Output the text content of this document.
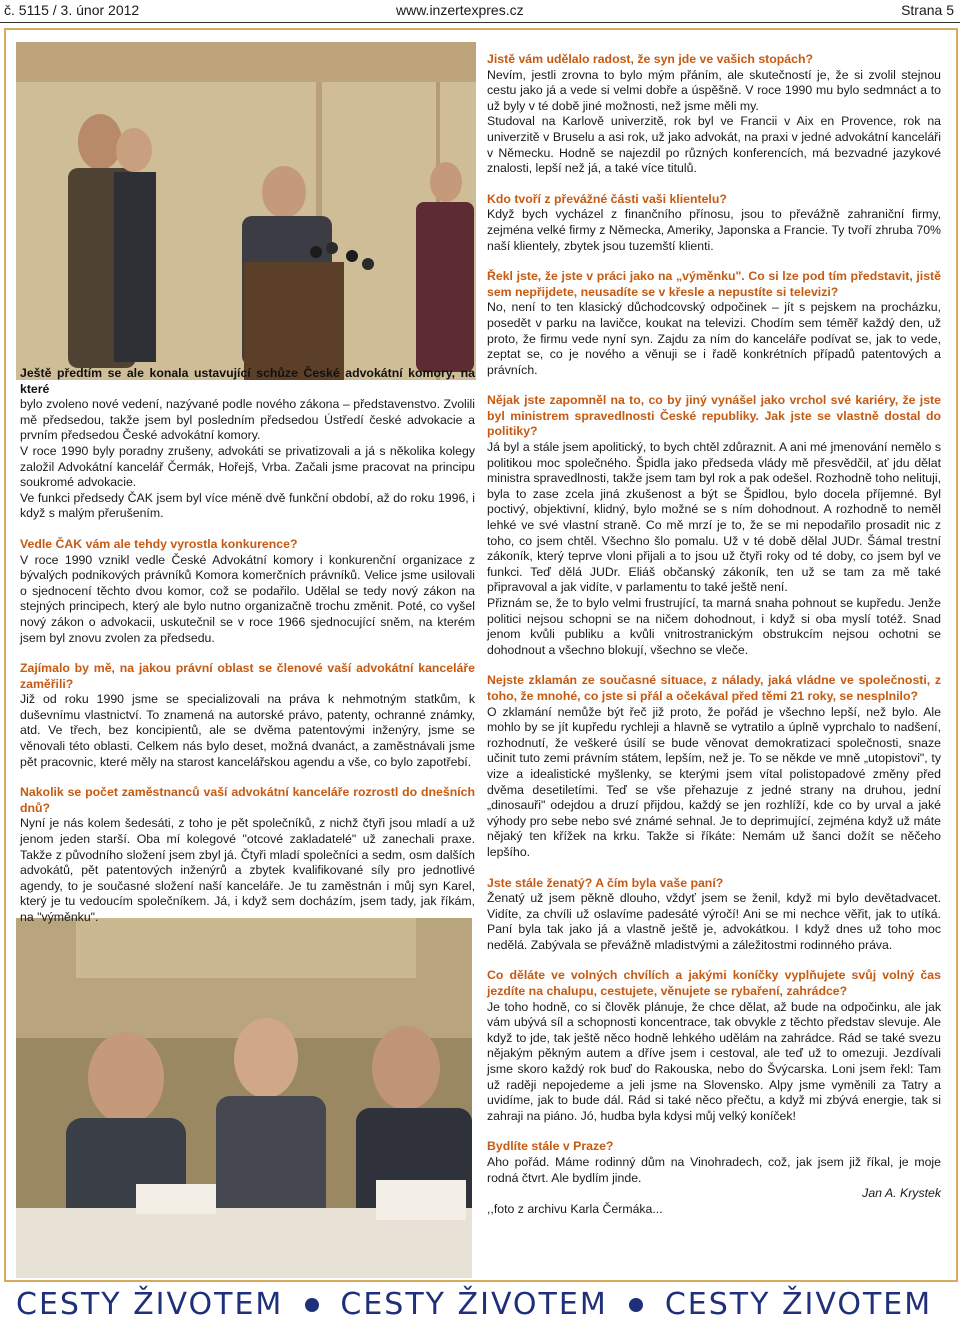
č. 5115 / 3. únor 2012	www.inzertexpres.cz	Strana 5

Ještě předtím se ale konala ustavující schůze České advokátní komory, na které

bylo zvoleno nové vedení, nazývané podle nového zákona – představenstvo. Zvolili mě předsedou, takže jsem byl posledním předsedou Ústředí české advokacie a prvním předsedou České advokátní komory.

V roce 1990 byly poradny zrušeny, advokáti se privatizovali a já s několika kolegy založil Advokátní kancelář Čermák, Hořejš, Vrba. Začali jsme pracovat na principu soukromé advokacie.

Ve funkci předsedy ČAK jsem byl více méně dvě funkční období, až do roku 1996, i když s malým přerušením.

Vedle ČAK vám ale tehdy vyrostla konkurence?

V roce 1990 vznikl vedle České Advokátní komory i konkurenční organizace z bývalých podnikových právníků Komora komerčních právníků. Velice jsme usilovali o sjednocení těchto dvou komor, což se podařilo. Udělal se tedy nový zákon na stejných principech, který ale bylo nutno organizačně trochu změnit. Poté, co vyšel nový zákon o advokacii, uskutečnil se v roce 1966 sjednocující sněm, na kterém jsem byl znovu zvolen za předsedu.

Zajímalo by mě, na jakou právní oblast se členové vaší advokátní kanceláře zaměřili?

Již od roku 1990 jsme se specializovali na práva k nehmotným statkům, k duševnímu vlastnictví. To znamená na autorské právo, patenty, ochranné známky, atd. Ve třech, bez koncipientů, ale se dvěma patentovými inženýry, jsme se věnovali této oblasti. Celkem nás bylo deset, možná dvanáct, a zaměstnávali jsme pět pracovnic, které měly na starost kancelářskou agendu a vše, co bylo zapotřebí.

Nakolik se počet zaměstnanců vaší advokátní kanceláře rozrostl do dnešních dnů?

Nyní je nás kolem šedesáti, z toho je pět společníků, z nichž čtyři jsou mladí a už jenom jeden starší. Oba mí kolegové "otcové zakladatelé" už zanechali praxe. Takže z původního složení jsem zbyl já. Čtyři mladí společníci a sedm, osm dalších advokátů, pět patentových inženýrů a zbytek kvalifikované síly pro jednotlivé agendy, to je současné složení naší kanceláře. Je tu zaměstnán i můj syn Karel, který je tu vedoucím společníkem. Já, i když sem docházím, jsem tady, jak říkám, na "výměnku".

Jistě vám udělalo radost, že syn jde ve vašich stopách?

Nevím, jestli zrovna to bylo mým přáním, ale skutečností je, že si zvolil stejnou cestu jako já a vede si velmi dobře a úspěšně. V roce 1990 mu bylo sedmnáct a to už byly v té době jiné možnosti, než jsme měli my.

Studoval na Karlově univerzitě, rok byl ve Francii v Aix en Provence, rok na univerzitě v Bruselu a asi rok, už jako advokát, na praxi v jedné advokátní kanceláři v Německu. Hodně se najezdil po různých konferencích, má bezvadné jazykové znalosti, lepší než já, a také více titulů.

Kdo tvoří z převážné části vaši klientelu?

Když bych vycházel z finančního přínosu, jsou to převážně zahraniční firmy, zejména velké firmy z Německa, Ameriky, Japonska a Francie. Ty tvoří zhruba 70% naší klientely, zbytek jsou tuzemští klienti.

Řekl jste, že jste v práci jako na „výměnku". Co si lze pod tím představit, jistě sem nepřijdete, neusadíte se v křesle a nepustíte si televizi?

No, není to ten klasický důchodcovský odpočinek – jít s pejskem na procházku, posedět v parku na lavičce, koukat na televizi. Chodím sem téměř každý den, už proto, že firmu vede nyní syn. Zajdu za ním do kanceláře podívat se, jak to vede, zeptat se, co je nového a věnuji se i řadě konkrétních případů patentových a právních.

Nějak jste zapomněl na to, co by jiný vynášel jako vrchol své kariéry, že jste byl ministrem spravedlnosti České republiky. Jak jste se vlastně dostal do politiky?

Já byl a stále jsem apolitický, to bych chtěl zdůraznit. A ani mé jmenování nemělo s politikou moc společného. Špidla jako předseda vlády mě přesvědčil, ať jdu dělat ministra spravedlnosti, takže jsem tam byl rok a pak odešel. Rozhodně toho nelituji, byla to zase zcela jiná zkušenost a být se Špidlou, bylo docela příjemné. Byl poctivý, objektivní, klidný, bylo možné se s ním dohodnout. A rozhodně to neměl lehké ve své vlastní straně. Co mě mrzí je to, že se mi nepodařilo prosadit nic z toho, co jsem chtěl. Všechno šlo pomalu. Už v té době dělal JUDr. Šámal trestní zákoník, který teprve vloni přijali a to jsou už čtyři roky od té doby, co jsem byl ve funkci. Teď dělá JUDr. Eliáš občanský zákoník, ten už se tam za mě také připravoval a jak vidíte, v parlamentu to také ještě není.

Přiznám se, že to bylo velmi frustrující, ta marná snaha pohnout se kupředu. Jenže politici nejsou schopni se na ničem dohodnout, i když si oba myslí totéž. Snad jenom kvůli publiku a kvůli vnitrostranickým obstrukcím nejsou ochotni se dohodnout a všechno blokují, všechno se vleče.

Nejste zklamán ze současné situace, z nálady, jaká vládne ve společnosti, z toho, že mnohé, co jste si přál a očekával před těmi 21 roky, se nesplnilo?

O zklamání nemůže být řeč již proto, že pořád je všechno lepší, než bylo. Ale mohlo by se jít kupředu rychleji a hlavně se vytratilo a úplně vyprchalo to nadšení, rozhodnutí, že veškeré úsilí se bude věnovat demokratizaci společnosti, snaze učinit tuto zemi právním státem, lepším, než je. To se někde ve mně „utopistovi", ty vize a idealistické myšlenky, se kterými jsem vítal polistopadové změny před dvěma desetiletími. Teď se vše přehazuje z jedné strany na druhou, jední „dinosauři" odejdou a druzí přijdou, každý se jen rozhlíží, kde co by urval a jaké výhody pro sebe nebo své známé sehnal. Je to deprimující, zejména když už máte nějaký ten křížek na krku. Takže si říkáte: Nemám už šanci dožít se něčeho lepšího.

Jste stále ženatý? A čím byla vaše paní?

Ženatý už jsem pěkně dlouho, vždyť jsem se ženil, když mi bylo devětadvacet. Vidíte, za chvíli už oslavíme padesáté výročí! Ani se mi nechce věřit, jak to utíká. Paní byla tak jako já a vlastně ještě je, advokátkou. I když dnes už toho moc nedělá. Zabývala se převážně mladistvými a záležitostmi rodinného práva.

Co děláte ve volných chvílích a jakými koníčky vyplňujete svůj volný čas jezdíte na chalupu, cestujete, věnujete se rybaření, zahrádce?

Je toho hodně, co si člověk plánuje, že chce dělat, až bude na odpočinku, ale jak vám ubývá síl a schopnosti koncentrace, tak obvykle z těchto představ slevuje. Ale když to jde, tak ještě něco hodně lehkého udělám na zahrádce. Rád se také svezu nějakým pěkným autem a dříve jsem i cestoval, ale teď už to omezuji. Jezdívali jsme skoro každý rok buď do Rakouska, nebo do Švýcarska. Loni jsem řekl: Tam už raději nepojedeme a jeli jsme na Slovensko. Alpy jsme vyměnili za Tatry a uvidíme, jak to bude dál. Rád si také něco přečtu, a když mi zbývá energie, tak si zahraji na piáno. Jó, hudba byla kdysi můj velký koníček!

Bydlíte stále v Praze?

Aho pořád. Máme rodinný dům na Vinohradech, což, jak jsem již říkal, je moje rodná čtvrt. Ale bydlím jinde.

Jan A. Krystek

,,foto z archivu Karla Čermáka...

CESTY ŽIVOTEM CESTY ŽIVOTEM CESTY ŽIVOTEM
